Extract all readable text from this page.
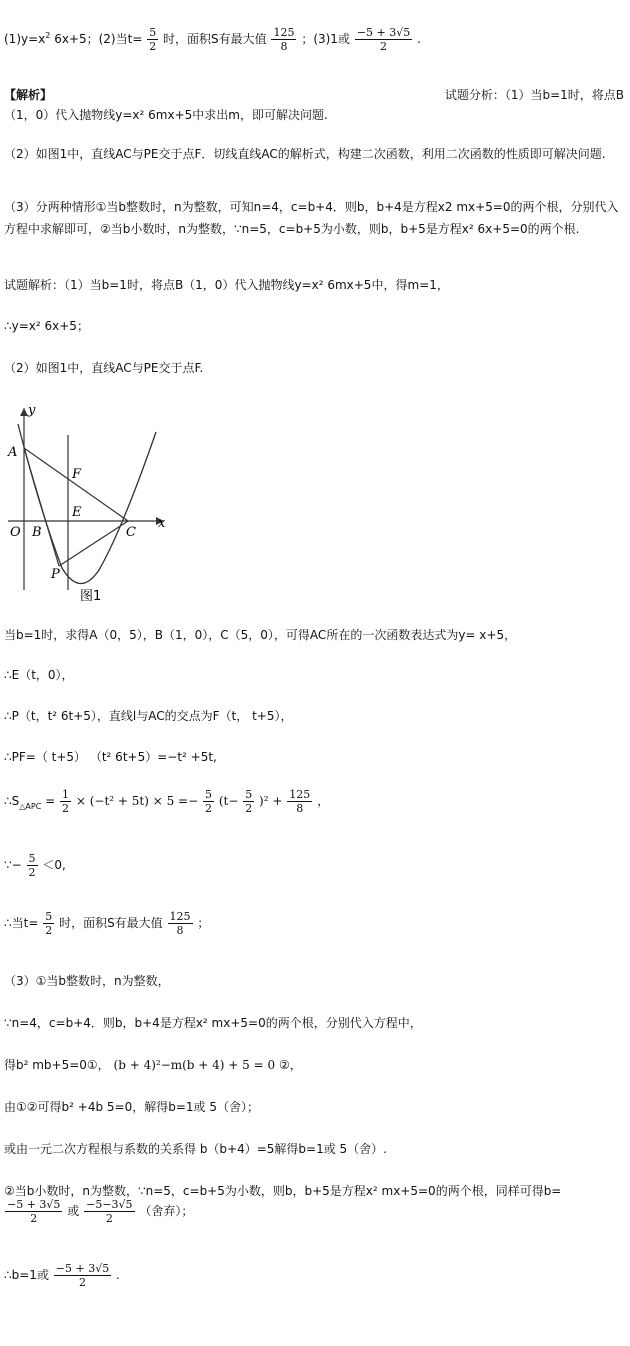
$(1)y=x^2$ 6x+5；(2)当$t= \frac{5}{2}$ 时，面积S有最大值 $\frac{125}{8}$ ；(3)1或 $\frac{-5 + 3√5}{2}$ .
【解析】	试题分析：（1）当b=1时，将点B
（1，0）代入抛物线y=x² 6mx+5中求出m，即可解决问题.
（2）如图1中，直线AC与PE交于点F．切线直线AC的解析式，构建二次函数，利用二次函数的性质即可解决问题.
（3）分两种情形①当b整数时，n为整数，可知n=4，c=b+4．则b，b+4是方程x2 mx+5=0的两个根，分别代入方程中求解即可，②当b小数时，n为整数，∵n=5，c=b+5为小数，则b，b+5是方程x² 6x+5=0的两个根.
试题解析：（1）当b=1时，将点B（1，0）代入抛物线y=x² 6mx+5中，得m=1，
∴y=x² 6x+5；
（2）如图1中，直线AC与PE交于点F.
y
x
A
F
E
O B	C
P
图1
当b=1时，求得A（0，5），B（1，0），C（5，0），可得AC所在的一次函数表达式为y= x+5，
∴E（t，0），
∴P（t，t² 6t+5），直线l与AC的交点为F（t， t+5），
∴PF=（ t+5） （t² 6t+5）=−t² +5t,
$\therefore S_{\triangle APC} = \frac{1}{2} \times (-t^2 + 5t) \times 5 =- \frac{5}{2} (t- \frac{5}{2} )^2 + \frac{125}{8}$ ，
∵− $\frac{5}{2} <0$,
∴当$t= \frac{5}{2}$ 时，面积S有最大值 $\frac{125}{8}$ ；
（3）①当b整数时，n为整数，
∵n=4，c=b+4．则b，b+4是方程x² mx+5=0的两个根，分别代入方程中，
得b² mb+5=0①， (b + 4)²−m(b + 4) + 5 = 0 ②，
由①②可得b² +4b 5=0，解得b=1或 5（舍）；
或由一元二次方程根与系数的关系得 b（b+4）=5解得b=1或 5（舍）.
②当b小数时，n为整数，∵n=5，c=b+5为小数，则b，b+5是方程x² mx+5=0的两个根，同样可得b=
$\frac{-5 + 3√5}{2}$ 或 $\frac{-5-3√5}{2}$ （舍弃）；
∴b=1或 $\frac{-5 + 3√5}{2}$ .
